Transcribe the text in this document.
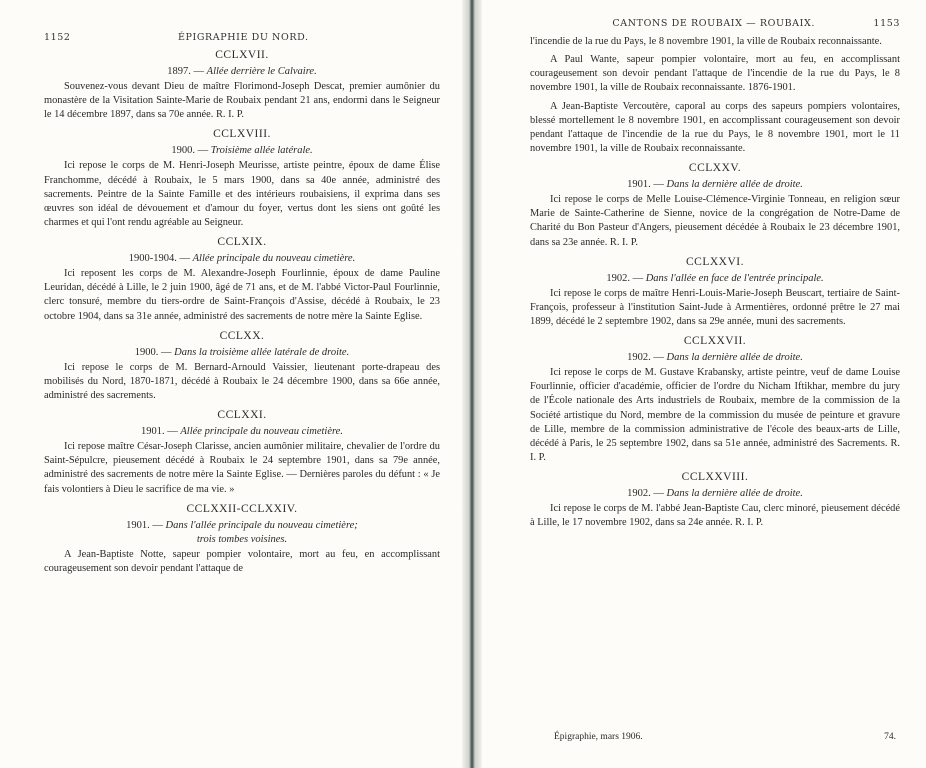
1152	ÉPIGRAPHIE DU NORD.
CCLXVII.
1897. — Allée derrière le Calvaire.

Souvenez-vous devant Dieu de maître Florimond-Joseph Descat, premier aumônier du monastère de la Visitation Sainte-Marie de Roubaix pendant 21 ans, endormi dans le Seigneur le 14 décembre 1897, dans sa 70e année. R. I. P.

CCLXVIII.
1900. — Troisième allée latérale.

Ici repose le corps de M. Henri-Joseph Meurisse, artiste peintre, époux de dame Élise Franchomme, décédé à Roubaix, le 5 mars 1900, dans sa 40e année, administré des sacrements. Peintre de la Sainte Famille et des intérieurs roubaisiens, il exprima dans ses œuvres son idéal de dévouement et d'amour du foyer, vertus dont les siens ont goûté les charmes et qui l'ont rendu agréable au Seigneur.

CCLXIX.
1900-1904. — Allée principale du nouveau cimetière.

Ici reposent les corps de M. Alexandre-Joseph Fourlinnie, époux de dame Pauline Leuridan, décédé à Lille, le 2 juin 1900, âgé de 71 ans, et de M. l'abbé Victor-Paul Fourlinnie, clerc tonsuré, membre du tiers-ordre de Saint-François d'Assise, décédé à Roubaix, le 23 octobre 1904, dans sa 31e année, administré des sacrements de notre mère la Sainte Eglise.

CCLXX.
1900. — Dans la troisième allée latérale de droite.

Ici repose le corps de M. Bernard-Arnould Vaissier, lieutenant porte-drapeau des mobilisés du Nord, 1870-1871, décédé à Roubaix le 24 décembre 1900, dans sa 66e année, administré des sacrements.

CCLXXI.
1901. — Allée principale du nouveau cimetière.

Ici repose maître César-Joseph Clarisse, ancien aumônier militaire, chevalier de l'ordre du Saint-Sépulcre, pieusement décédé à Roubaix le 24 septembre 1901, dans sa 79e année, administré des sacrements de notre mère la Sainte Eglise. — Dernières paroles du défunt : « Je fais volontiers à Dieu le sacrifice de ma vie. »

CCLXXII-CCLXXIV.
1901. — Dans l'allée principale du nouveau cimetière;
trois tombes voisines.

A Jean-Baptiste Notte, sapeur pompier volontaire, mort au feu, en accomplissant courageusement son devoir pendant l'attaque de

CANTONS DE ROUBAIX — ROUBAIX.	1153

l'incendie de la rue du Pays, le 8 novembre 1901, la ville de Roubaix reconnaissante.

A Paul Wante, sapeur pompier volontaire, mort au feu, en accomplissant courageusement son devoir pendant l'attaque de l'incendie de la rue du Pays, le 8 novembre 1901, la ville de Roubaix reconnaissante. 1876-1901.

A Jean-Baptiste Vercoutère, caporal au corps des sapeurs pompiers volontaires, blessé mortellement le 8 novembre 1901, en accomplissant courageusement son devoir pendant l'attaque de l'incendie de la rue du Pays, le 8 novembre 1901, mort le 11 novembre 1901, la ville de Roubaix reconnaissante.

CCLXXV.
1901. — Dans la dernière allée de droite.

Ici repose le corps de Melle Louise-Clémence-Virginie Tonneau, en religion sœur Marie de Sainte-Catherine de Sienne, novice de la congrégation de Notre-Dame de Charité du Bon Pasteur d'Angers, pieusement décédée à Roubaix le 23 décembre 1901, dans sa 23e année. R. I. P.

CCLXXVI.
1902. — Dans l'allée en face de l'entrée principale.

Ici repose le corps de maître Henri-Louis-Marie-Joseph Beuscart, tertiaire de Saint-François, professeur à l'institution Saint-Jude à Armentières, ordonné prêtre le 27 mai 1899, décédé le 2 septembre 1902, dans sa 29e année, muni des sacrements.

CCLXXVII.
1902. — Dans la dernière allée de droite.

Ici repose le corps de M. Gustave Krabansky, artiste peintre, veuf de dame Louise Fourlinnie, officier d'académie, officier de l'ordre du Nicham Iftikhar, membre du jury de l'École nationale des Arts industriels de Roubaix, membre de la commission de la Société artistique du Nord, membre de la commission du musée de peinture et gravure de Lille, membre de la commission administrative de l'école des beaux-arts de Lille, décédé à Paris, le 25 septembre 1902, dans sa 51e année, administré des Sacrements. R. I. P.

CCLXXVIII.
1902. — Dans la dernière allée de droite.

Ici repose le corps de M. l'abbé Jean-Baptiste Cau, clerc minoré, pieusement décédé à Lille, le 17 novembre 1902, dans sa 24e année. R. I. P.

Épigraphie, mars 1906.	74.
